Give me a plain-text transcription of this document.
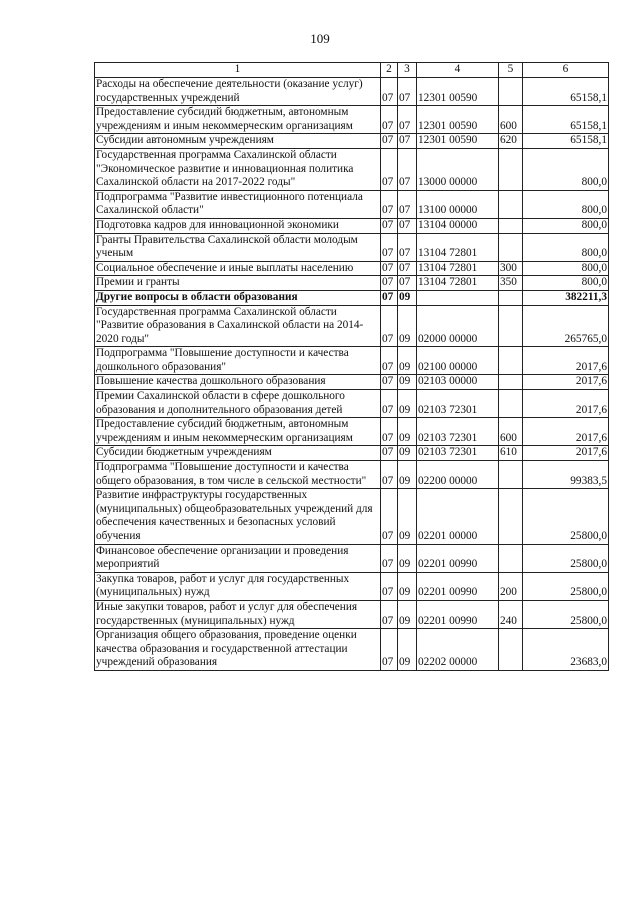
109
1	2	3	4	5	6
Расходы на обеспечение деятельности (оказание услуг) государственных учреждений	07	07	12301 00590		65158,1
Предоставление субсидий бюджетным, автономным учреждениям и иным некоммерческим организациям	07	07	12301 00590	600	65158,1
Субсидии автономным учреждениям	07	07	12301 00590	620	65158,1
Государственная программа Сахалинской области "Экономическое развитие и инновационная политика Сахалинской области на 2017-2022 годы"	07	07	13000 00000		800,0
Подпрограмма "Развитие инвестиционного потенциала Сахалинской области"	07	07	13100 00000		800,0
Подготовка кадров для инновационной экономики	07	07	13104 00000		800,0
Гранты Правительства Сахалинской области молодым ученым	07	07	13104 72801		800,0
Социальное обеспечение и иные выплаты населению	07	07	13104 72801	300	800,0
Премии и гранты	07	07	13104 72801	350	800,0
Другие вопросы в области образования	07	09			382211,3
Государственная программа Сахалинской области "Развитие образования в Сахалинской области на 2014-2020 годы"	07	09	02000 00000		265765,0
Подпрограмма "Повышение доступности и качества дошкольного образования"	07	09	02100 00000		2017,6
Повышение качества дошкольного образования	07	09	02103 00000		2017,6
Премии Сахалинской области в сфере дошкольного образования и дополнительного образования детей	07	09	02103 72301		2017,6
Предоставление субсидий бюджетным, автономным учреждениям и иным некоммерческим организациям	07	09	02103 72301	600	2017,6
Субсидии бюджетным учреждениям	07	09	02103 72301	610	2017,6
Подпрограмма "Повышение доступности и качества общего образования, в том числе в сельской местности"	07	09	02200 00000		99383,5
Развитие инфраструктуры государственных (муниципальных) общеобразовательных учреждений для обеспечения качественных и безопасных условий обучения	07	09	02201 00000		25800,0
Финансовое обеспечение организации и проведения мероприятий	07	09	02201 00990		25800,0
Закупка товаров, работ и услуг для государственных (муниципальных) нужд	07	09	02201 00990	200	25800,0
Иные закупки товаров, работ и услуг для обеспечения государственных (муниципальных) нужд	07	09	02201 00990	240	25800,0
Организация общего образования, проведение оценки качества образования и государственной аттестации учреждений образования	07	09	02202 00000		23683,0
